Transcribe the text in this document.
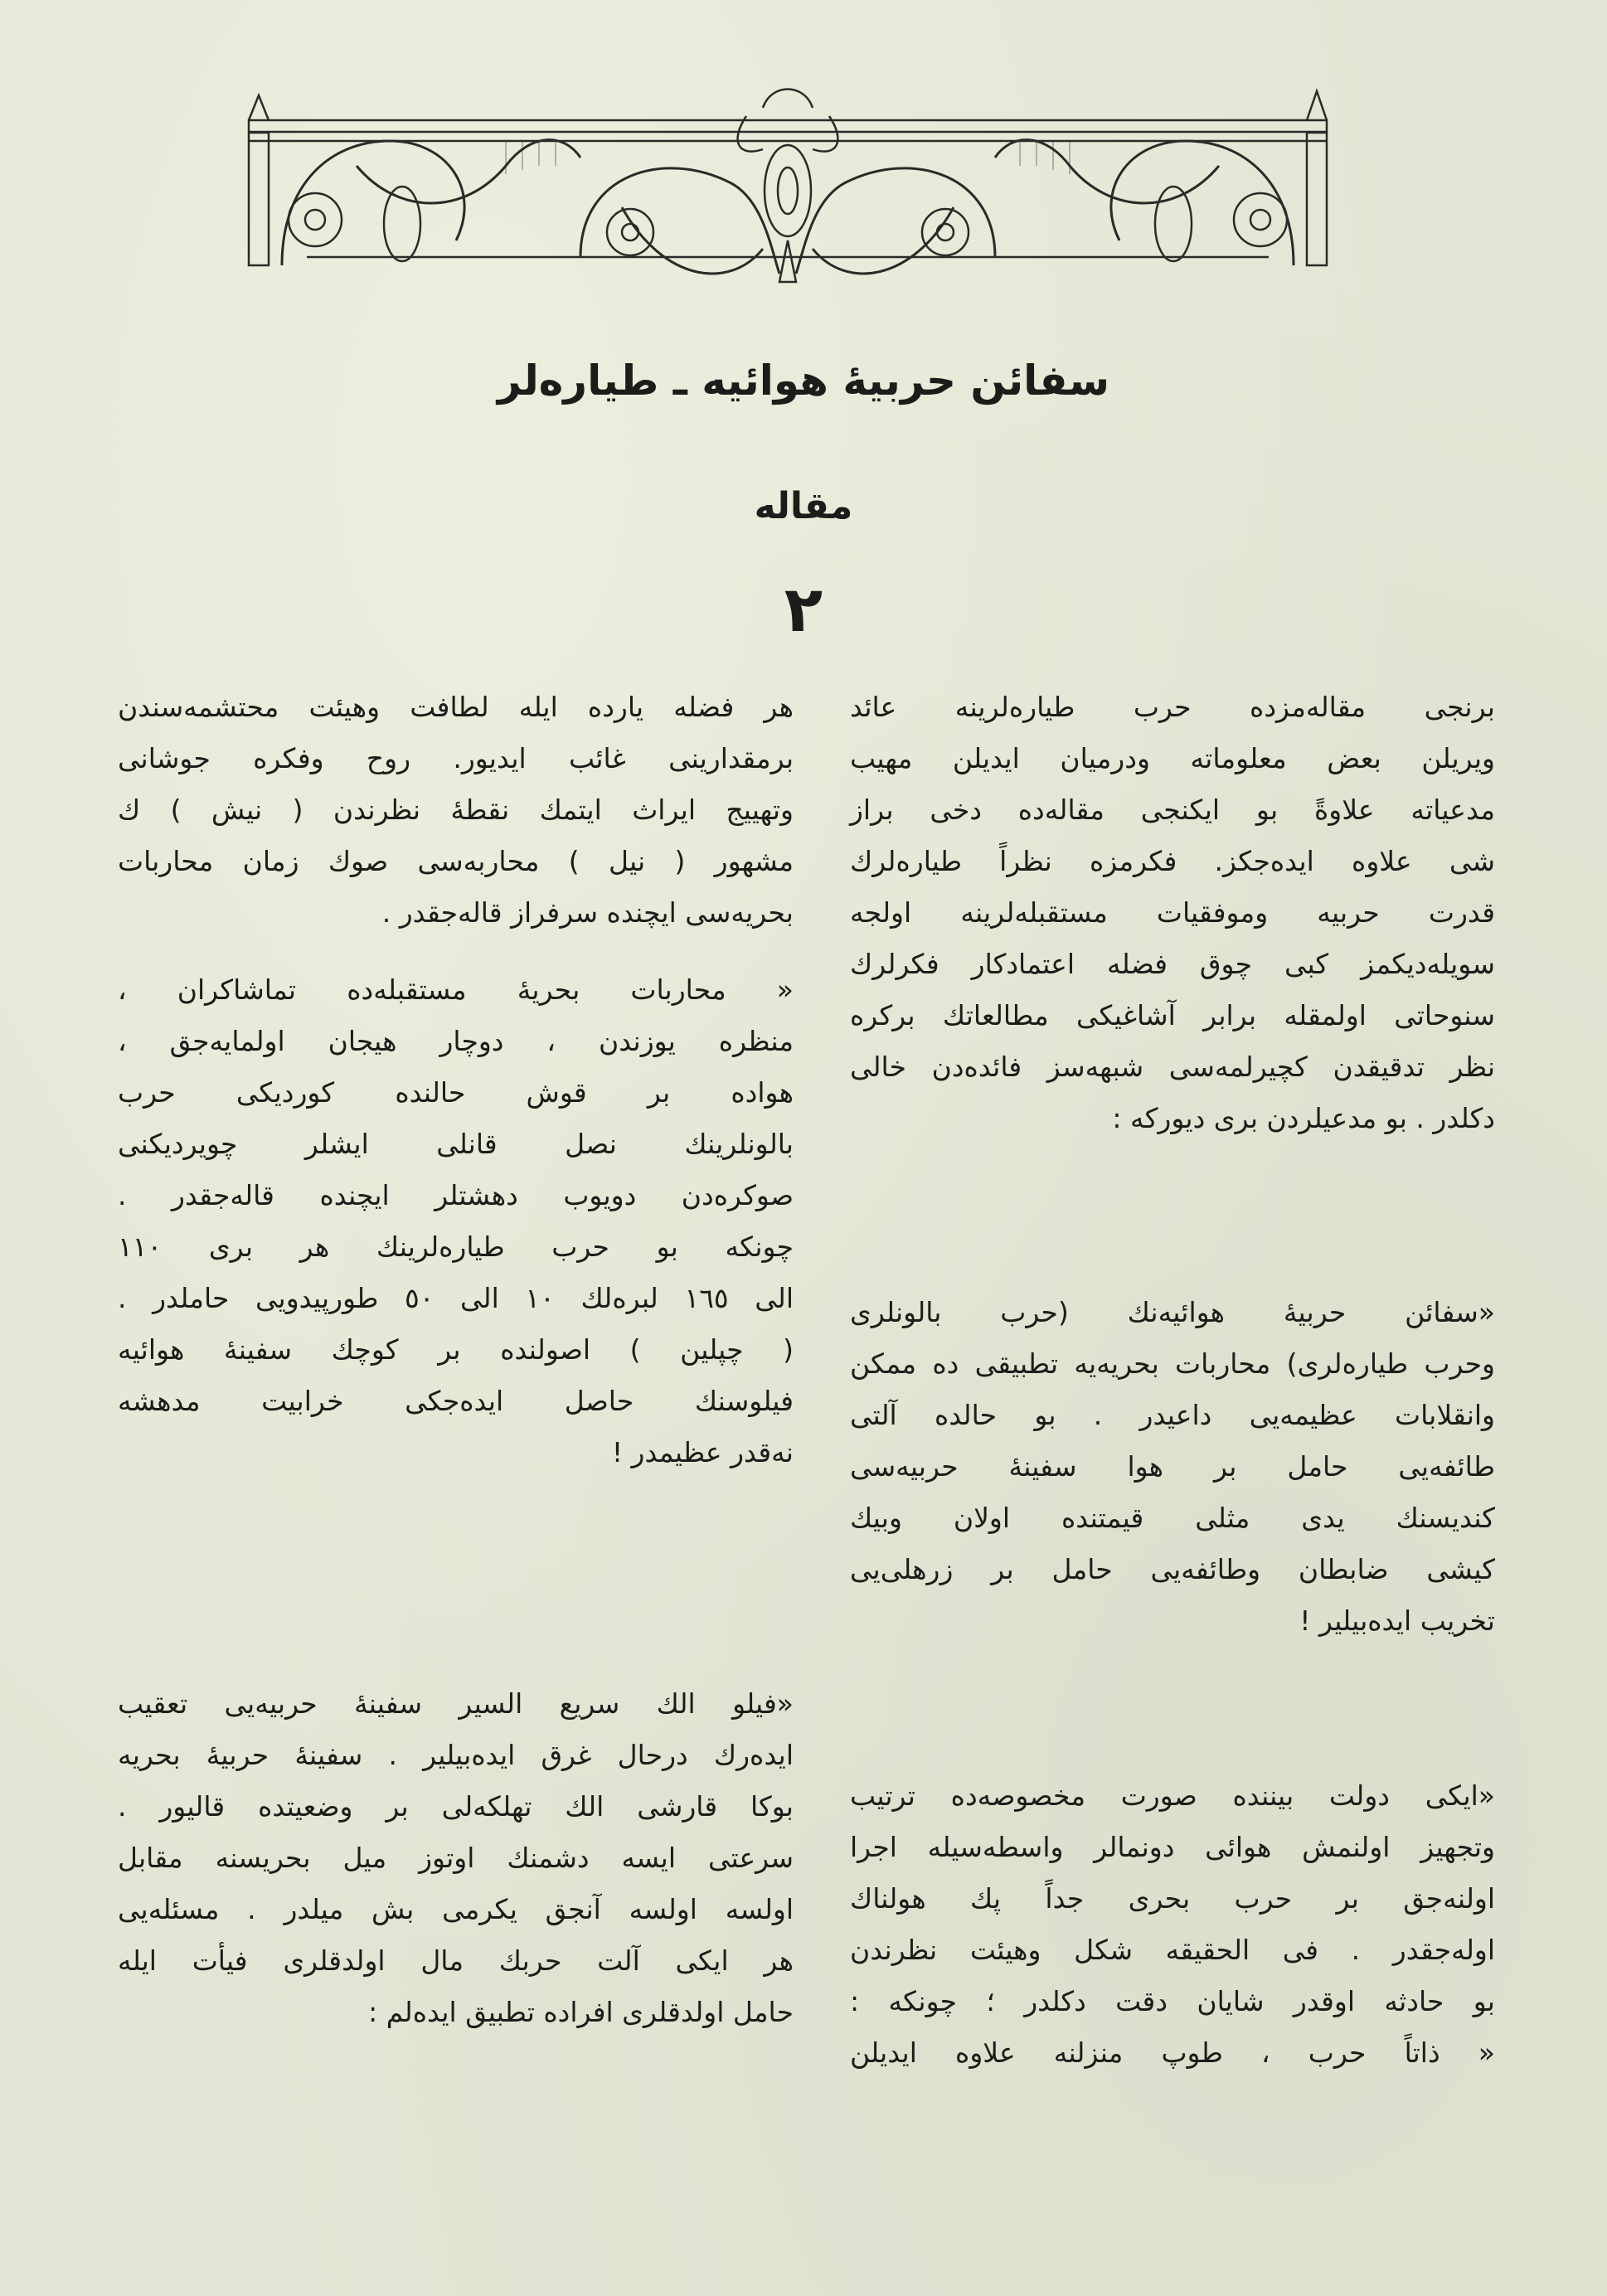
سفائن حربیهٔ هوائیه ـ طیاره‌لر
مقاله
٢
برنجی مقاله‌مزده حرب طیاره‌لرینه عائد
ویریلن بعض معلوماته ودرمیان ایدیلن مهیب
مدعیاته علاوةً بو ایکنجی مقاله‌ده دخی براز
شی علاوه ایده‌جکز. فکرمزه نظراً طیاره‌لرك
قدرت حربیه وموفقیات مستقبله‌لرینه اولجه
سویله‌دیکمز کبی چوق فضله اعتمادکار فکرلرك
سنوحاتی اولمقله برابر آشاغیکی مطالعاتك برکره
نظر تدقیقدن کچیرلمه‌سی شبهه‌سز فائده‌دن خالی
دکلدر . بو مدعیلردن بری دیورکه :
«سفائن حربیهٔ هوائیه‌نك (حرب بالونلری
وحرب طیاره‌لری) محاربات بحریه‌یه تطبیقی ده ممکن
وانقلابات عظیمه‌یی داعیدر . بو حالده آلتی
طائفه‌یی حامل بر هوا سفینهٔ حربیه‌سی
کندیسنك یدی مثلی قیمتنده اولان وبیك
کیشی ضابطان وطائفه‌یی حامل بر زرهلی‌یی
تخریب ایده‌بیلیر !
«ایکی دولت بیننده صورت مخصوصه‌ده ترتیب
وتجهیز اولنمش هوائی دونمالر واسطه‌سیله اجرا
اولنه‌جق بر حرب بحری جداً پك هولناك
اوله‌جقدر . فی الحقیقه شکل وهیئت نظرندن
بو حادثه اوقدر شایان دقت دکلدر ؛ چونکه :
« ذاتاً حرب ، طوپ منزلنه علاوه ایدیلن
هر فضله یارده ایله لطافت وهیئت محتشمه‌سندن
برمقدارینی غائب ایدیور. روح وفکره جوشانی
وتهییج ایراث ایتمك نقطهٔ نظرندن ( نیش ) ك
مشهور ( نیل ) محاربه‌سی صوك زمان محاربات
بحریه‌سی ایچنده سرفراز قاله‌جقدر .
« محاربات بحریهٔ مستقبله‌ده تماشاکران ،
منظره یوزندن ، دوچار هیجان اولمایه‌جق ،
هواده بر قوش حالنده کوردیکی حرب
بالونلرینك نصل قانلی ایشلر چویردیکنی
صوکره‌دن دویوب دهشتلر ایچنده قاله‌جقدر .
چونکه بو حرب طیاره‌لرینك هر بری ١١٠
الی ١٦٥ لبره‌لك ١٠ الی ٥٠ طورپیدویی حاملدر .
( چپلین ) اصولنده بر کوچك سفینهٔ هوائیه
فیلوسنك حاصل ایده‌جکی خرابیت مدهشه
نه‌قدر عظیمدر !
«فیلو الك سریع السیر سفینهٔ حربیه‌یی تعقیب
ایده‌رك درحال غرق ایده‌بیلیر . سفینهٔ حربیهٔ بحریه
بوکا قارشی الك تهلکه‌لی بر وضعیتده قالیور .
سرعتی ایسه دشمنك اوتوز میل بحریسنه مقابل
اولسه اولسه آنجق یکرمی بش میلدر . مسئله‌یی
هر ایکی آلت حربك مال اولدقلری فیأت ایله
حامل اولدقلری افراده تطبیق ایده‌لم :
